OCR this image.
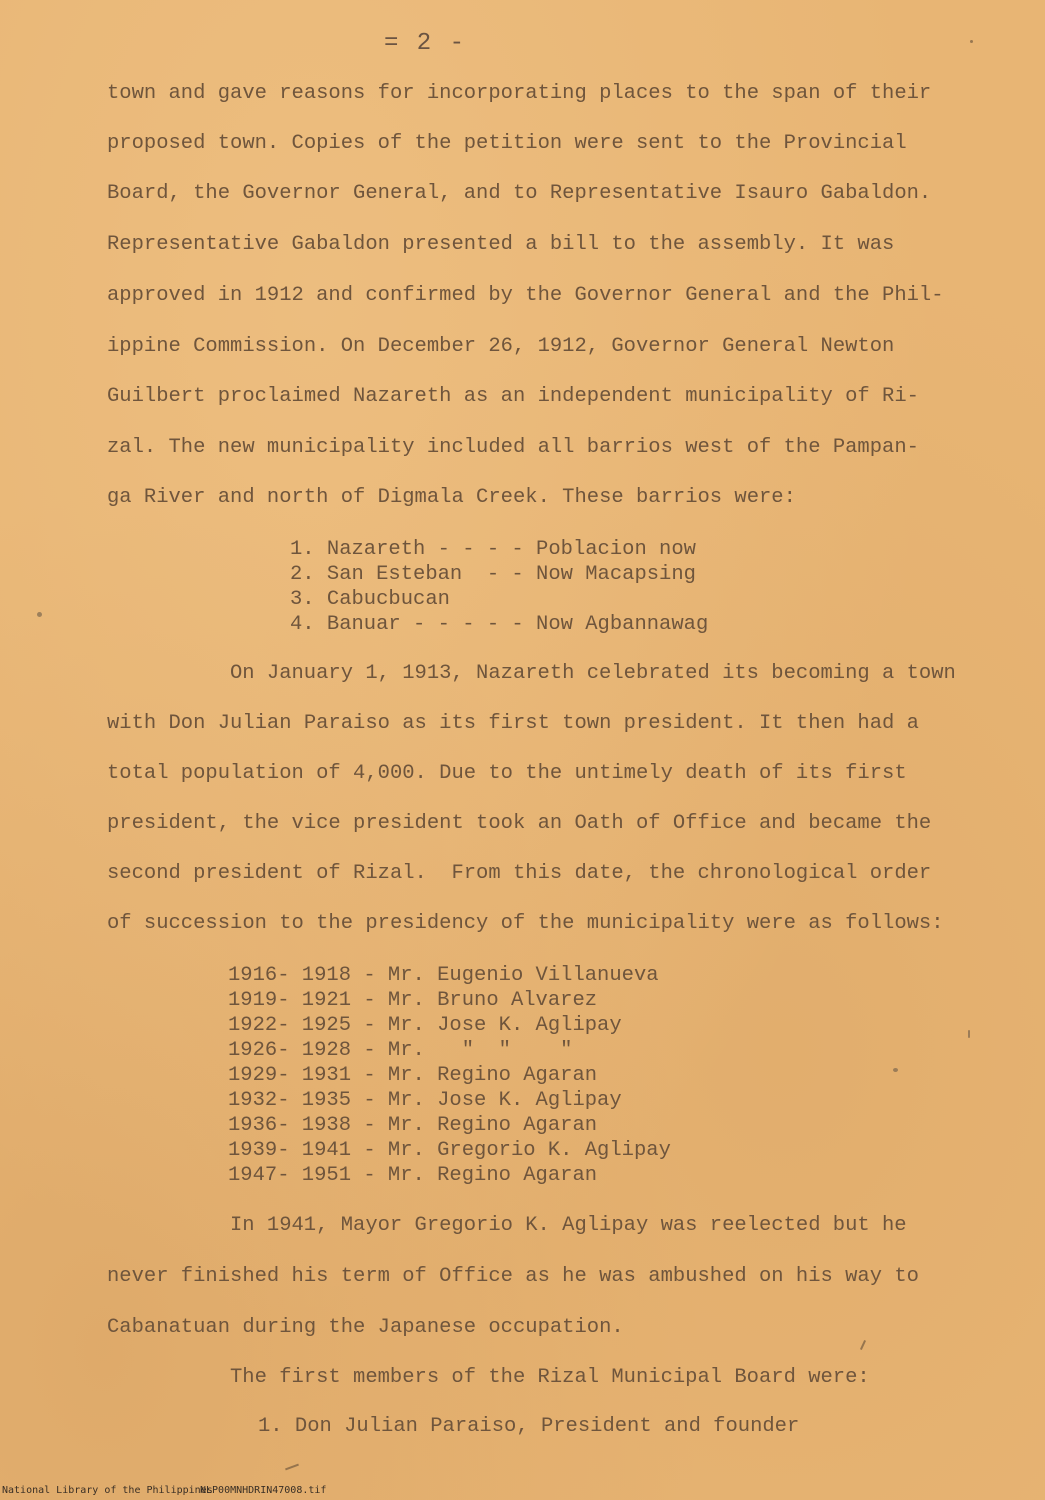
= 2 -
town and gave reasons for incorporating places to the span of their
proposed town. Copies of the petition were sent to the Provincial
Board, the Governor General, and to Representative Isauro Gabaldon.
Representative Gabaldon presented a bill to the assembly. It was
approved in 1912 and confirmed by the Governor General and the Phil-
ippine Commission. On December 26, 1912, Governor General Newton
Guilbert proclaimed Nazareth as an independent municipality of Ri-
zal. The new municipality included all barrios west of the Pampan-
ga River and north of Digmala Creek. These barrios were:
1. Nazareth - - - - Poblacion now
2. San Esteban  - - Now Macapsing
3. Cabucbucan
4. Banuar - - - - - Now Agbannawag
On January 1, 1913, Nazareth celebrated its becoming a town
with Don Julian Paraiso as its first town president. It then had a
total population of 4,000. Due to the untimely death of its first
president, the vice president took an Oath of Office and became the
second president of Rizal.  From this date, the chronological order
of succession to the presidency of the municipality were as follows:
1916- 1918 - Mr. Eugenio Villanueva
1919- 1921 - Mr. Bruno Alvarez
1922- 1925 - Mr. Jose K. Aglipay
1926- 1928 - Mr.   "  "    "
1929- 1931 - Mr. Regino Agaran
1932- 1935 - Mr. Jose K. Aglipay
1936- 1938 - Mr. Regino Agaran
1939- 1941 - Mr. Gregorio K. Aglipay
1947- 1951 - Mr. Regino Agaran
In 1941, Mayor Gregorio K. Aglipay was reelected but he
never finished his term of Office as he was ambushed on his way to
Cabanatuan during the Japanese occupation.
The first members of the Rizal Municipal Board were:
1. Don Julian Paraiso, President and founder
National Library of the Philippines
NLP00MNHDRIN47008.tif
